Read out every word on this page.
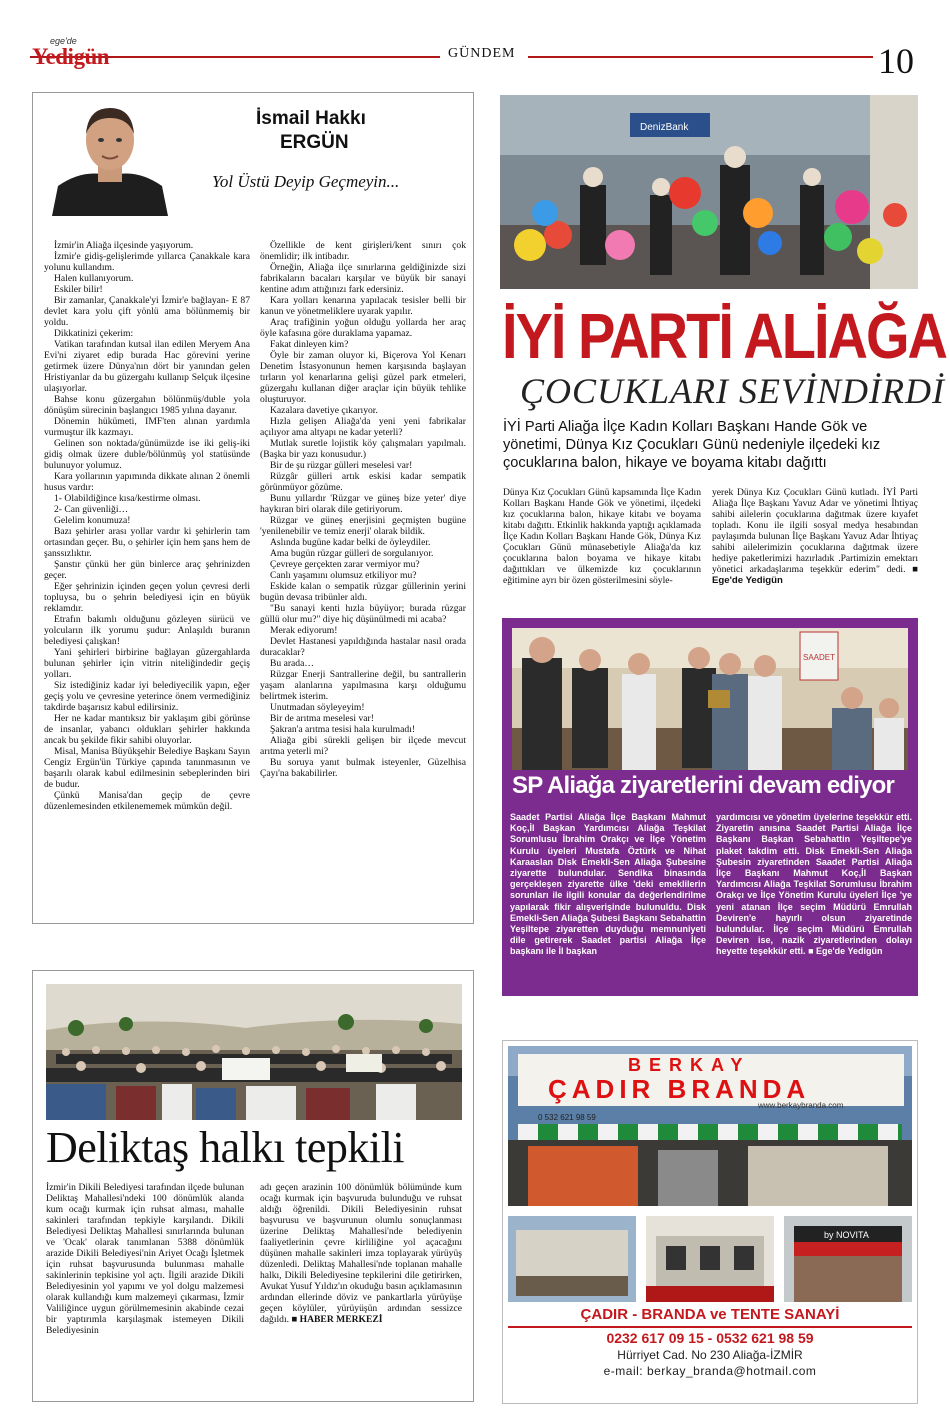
ege'de
Yedigün	GÜNDEM	10
İsmail Hakkı
ERGÜN
Yol Üstü Deyip Geçmeyin...

İzmir'in Aliağa ilçesinde yaşıyorum.

İzmir'e gidiş-gelişlerimde yıllarca Çanakkale kara yolunu kullandım.

Halen kullanıyorum.

Eskiler bilir!

Bir zamanlar, Çanakkale'yi İzmir'e bağlayan- E 87 devlet kara yolu çift yönlü ama bölünmemiş bir yoldu.

Dikkatinizi çekerim:

Vatikan tarafından kutsal ilan edilen Meryem Ana Evi'ni ziyaret edip burada Hac görevini yerine getirmek üzere Dünya'nın dört bir yanından gelen Hristiyanlar da bu güzergahı kullanıp Selçuk ilçesine ulaşıyorlar.

Bahse konu güzergahın bölünmüş/duble yola dönüşüm sürecinin başlangıcı 1985 yılına dayanır.

Dönemin hükümeti, IMF'ten alınan yardımla vurmuştur ilk kazmayı.

Gelinen son noktada/günümüzde ise iki geliş-iki gidiş olmak üzere duble/bölünmüş yol statüsünde bulunuyor yolumuz.

Kara yollarının yapımında dikkate alınan 2 önemli husus vardır:

1- Olabildiğince kısa/kestirme olması.

2- Can güvenliği…

Gelelim konumuza!

Bazı şehirler arası yollar vardır ki şehirlerin tam ortasından geçer. Bu, o şehirler için hem şans hem de şanssızlıktır.

Şanstır çünkü her gün binlerce araç şehrinizden geçer.

Eğer şehrinizin içinden geçen yolun çevresi derli topluysa, bu o şehrin belediyesi için en büyük reklamdır.

Etrafın bakımlı olduğunu gözleyen sürücü ve yolcuların ilk yorumu şudur: Anlaşıldı buranın belediyesi çalışkan!

Yani şehirleri birbirine bağlayan güzergahlarda bulunan şehirler için vitrin niteliğindedir geçiş yolları.

Siz istediğiniz kadar iyi belediyecilik yapın, eğer geçiş yolu ve çevresine yeterince önem vermediğiniz takdirde başarısız kabul edilirsiniz.

Her ne kadar mantıksız bir yaklaşım gibi görünse de insanlar, yabancı oldukları şehirler hakkında ancak bu şekilde fikir sahibi oluyorlar.

Misal, Manisa Büyükşehir Belediye Başkanı Sayın Cengiz Ergün'ün Türkiye çapında tanınmasının ve başarılı olarak kabul edilmesinin sebeplerinden biri de budur.

Çünkü Manisa'dan geçip de çevre düzenlemesinden etkilenememek mümkün değil.

Özellikle de kent girişleri/kent sınırı çok önemlidir; ilk intibadır.

Örneğin, Aliağa ilçe sınırlarına geldiğinizde sizi fabrikaların bacaları karşılar ve büyük bir sanayi kentine adım attığınızı fark edersiniz.

Kara yolları kenarına yapılacak tesisler belli bir kanun ve yönetmeliklere uyarak yapılır.

Araç trafiğinin yoğun olduğu yollarda her araç öyle kafasına göre duraklama yapamaz.

Fakat dinleyen kim?

Öyle bir zaman oluyor ki, Biçerova Yol Kenarı Denetim İstasyonunun hemen karşısında başlayan tırların yol kenarlarına gelişi güzel park etmeleri, güzergahı kullanan diğer araçlar için büyük tehlike oluşturuyor.

Kazalara davetiye çıkarıyor.

Hızla gelişen Aliağa'da yeni yeni fabrikalar açılıyor ama altyapı ne kadar yeterli?

Mutlak suretle lojistik köy çalışmaları yapılmalı.(Başka bir yazı konusudur.)

Bir de şu rüzgar gülleri meselesi var!

Rüzgâr gülleri artık eskisi kadar sempatik görünmüyor gözüme.

Bunu yıllardır 'Rüzgar ve güneş bize yeter' diye haykıran biri olarak dile getiriyorum.

Rüzgar ve güneş enerjisini geçmişten bugüne 'yenilenebilir ve temiz enerji' olarak bildik.

Aslında bugüne kadar belki de öyleydiler.

Ama bugün rüzgar gülleri de sorgulanıyor.

Çevreye gerçekten zarar vermiyor mu?

Canlı yaşamını olumsuz etkiliyor mu?

Eskide kalan o sempatik rüzgar güllerinin yerini bugün devasa tribünler aldı.

"Bu sanayi kenti hızla büyüyor; burada rüzgar güllü olur mu?" diye hiç düşünülmedi mi acaba?

Merak ediyorum!

Devlet Hastanesi yapıldığında hastalar nasıl orada duracaklar?

Bu arada…

Rüzgar Enerji Santrallerine değil, bu santrallerin yaşam alanlarına yapılmasına karşı olduğumu belirtmek isterim.

Unutmadan söyleyeyim!

Bir de arıtma meselesi var!

Şakran'a arıtma tesisi hala kurulmadı!

Aliağa gibi sürekli gelişen bir ilçede mevcut arıtma yeterli mi?

Bu soruya yanıt bulmak isteyenler, Güzelhisa Çayı'na bakabilirler.

DenizBank
İYİ PARTİ ALİAĞA
ÇOCUKLARI SEVİNDİRDİ
İYİ Parti Aliağa İlçe Kadın Kolları Başkanı Hande Gök ve yönetimi, Dünya Kız Çocukları Günü nedeniyle ilçedeki kız çocuklarına balon, hikaye ve boyama kitabı dağıttı
Dünya Kız Çocukları Günü kapsamında İlçe Kadın Kolları Başkanı Hande Gök ve yönetimi, ilçedeki kız çocuklarına balon, hikaye kitabı ve boyama kitabı dağıttı. Etkinlik hakkında yaptığı açıklamada İlçe Kadın Kolları Başkanı Hande Gök, Dünya Kız Çocukları Günü münasebetiyle Aliağa'da kız çocuklarına balon boyama ve hikaye kitabı dağıttıkları ve ülkemizde kız çocuklarının eğitimine ayrı bir özen gösterilmesini söyle-
yerek Dünya Kız Çocukları Günü kutladı. İYİ Parti Aliağa İlçe Başkanı Yavuz Adar ve yönetimi İhtiyaç sahibi ailelerin çocuklarına dağıtmak üzere kıyafet topladı. Konu ile ilgili sosyal medya hesabından paylaşımda bulunan İlçe Başkanı Yavuz Adar İhtiyaç sahibi ailelerimizin çocuklarına dağıtmak üzere hediye paketlerimizi hazırladık .Partimizin emektarı yönetici arkadaşlarıma teşekkür ederim" dedi. ■ Ege'de Yedigün
SAADET
SP Aliağa ziyaretlerini devam ediyor
Saadet Partisi Aliağa İlçe Başkanı Mahmut Koç,İl Başkan Yardımcısı Aliağa Teşkilat Sorumlusu İbrahim Orakçı ve İlçe Yönetim Kurulu üyeleri Mustafa Öztürk ve Nihat Karaaslan Disk Emekli-Sen Aliağa Şubesine ziyarette bulundular. Sendika binasında gerçekleşen ziyarette ülke 'deki emeklilerin sorunları ile ilgili konular da değerlendirilme yapılarak fikir alışverişinde bulunuldu. Disk Emekli-Sen Aliağa Şubesi Başkanı Sebahattin Yeşiltepe ziyaretten duyduğu memnuniyeti dile getirerek Saadet partisi Aliağa İlçe başkanı ile İl başkan
yardımcısı ve yönetim üyelerine teşekkür etti. Ziyaretin anısına Saadet Partisi Aliağa İlçe Başkanı Başkan Sebahattin Yeşiltepe'ye plaket takdim etti. Disk Emekli-Sen Aliağa Şubesin ziyaretinden Saadet Partisi Aliağa İlçe Başkanı Mahmut Koç,İl Başkan Yardımcısı Aliağa Teşkilat Sorumlusu İbrahim Orakçı ve İlçe Yönetim Kurulu üyeleri İlçe 'ye yeni atanan İlçe seçim Müdürü Emrullah Deviren'e hayırlı olsun ziyaretinde bulundular. İlçe seçim Müdürü Emrullah Deviren ise, nazik ziyaretlerinden dolayı heyette teşekkür etti. ■ Ege'de Yedigün
Deliktaş halkı tepkili
İzmir'in Dikili Belediyesi tarafından ilçede bulunan Deliktaş Mahallesi'ndeki 100 dönümlük alanda kum ocağı kurmak için ruhsat alması, mahalle sakinleri tarafından tepkiyle karşılandı. Dikili Belediyesi Deliktaş Mahallesi sınırlarında bulunan ve 'Ocak' olarak tanımlanan 5388 dönümlük arazide Dikili Belediyesi'nin Ariyet Ocağı İşletmek için ruhsat başvurusunda bulunması mahalle sakinlerinin tepkisine yol açtı. İlgili arazide Dikili Belediyesinin yol yapımı ve yol dolgu malzemesi olarak kullandığı kum malzemeyi çıkarması, İzmir Valiliğince uygun görülmemesinin akabinde cezai bir yaptırımla karşılaşmak istemeyen Dikili Belediyesinin
adı geçen arazinin 100 dönümlük bölümünde kum ocağı kurmak için başvuruda bulunduğu ve ruhsat aldığı öğrenildi. Dikili Belediyesinin ruhsat başvurusu ve başvurunun olumlu sonuçlanması üzerine Deliktaş Mahallesi'nde belediyenin faaliyetlerinin çevre kirliliğine yol açacağını düşünen mahalle sakinleri imza toplayarak yürüyüş düzenledi. Deliktaş Mahallesi'nde toplanan mahalle halkı, Dikili Belediyesine tepkilerini dile getirirken, Avukat Yusuf Yıldız'ın okuduğu basın açıklamasının ardından ellerinde döviz ve pankartlarla yürüyüşe geçen köylüler, yürüyüşün ardından sessizce dağıldı. ■ HABER MERKEZİ
BERKAY
ÇADIR BRANDA
www.berkaybranda.com
0 532 621 98 59
by NOVITA
ÇADIR - BRANDA ve TENTE SANAYİ
0232 617 09 15 - 0532 621 98 59
Hürriyet Cad. No 230 Aliağa-İZMİR
e-mail: berkay_branda@hotmail.com
